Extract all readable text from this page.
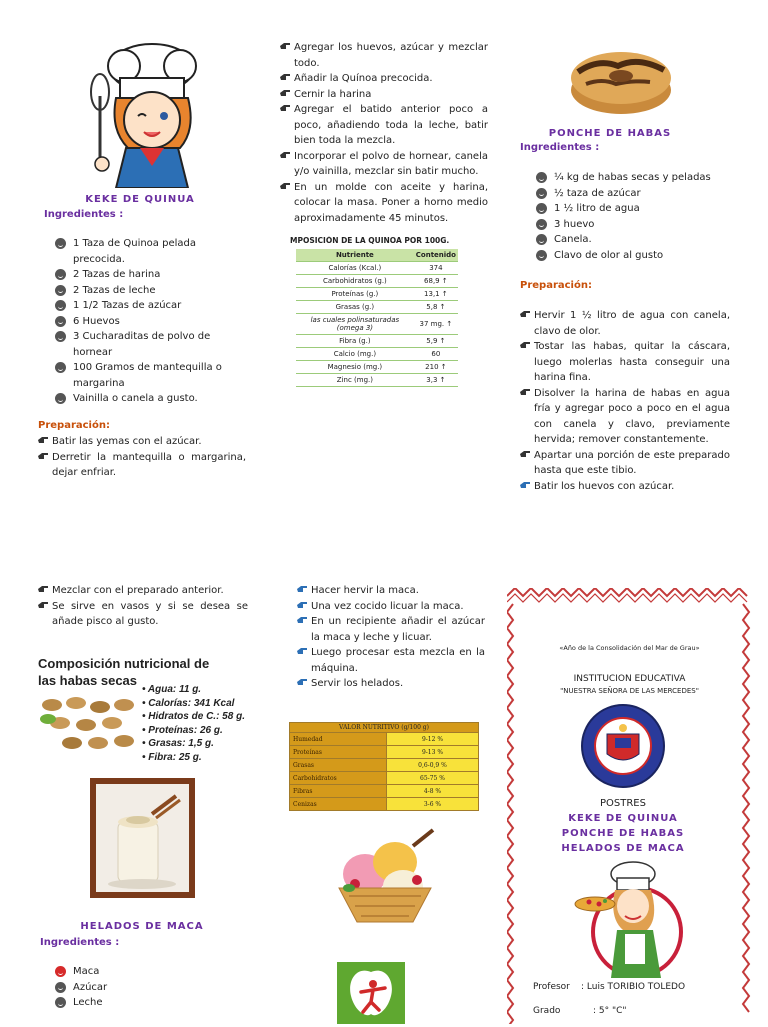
KEKE DE QUINUA
Ingredientes :
1 Taza de Quinoa pelada precocida.
2 Tazas de harina
2 Tazas de leche
1 1/2 Tazas de azúcar
6 Huevos
3 Cucharaditas de polvo de hornear
100 Gramos de mantequilla o margarina
Vainilla o canela a gusto.
Preparación:
Batir las yemas con el azúcar.
Derretir la mantequilla o margarina, dejar enfriar.
Agregar los huevos, azúcar y mezclar todo.
Añadir la Quínoa precocida.
Cernir la harina
Agregar el batido anterior poco a poco, añadiendo toda la leche, batir bien toda la mezcla.
Incorporar el polvo de hornear, canela y/o vainilla, mezclar sin batir mucho.
En un molde con aceite y harina, colocar la masa. Poner a horno medio aproximadamente 45 minutos.
MPOSICIÓN DE LA QUINOA POR 100G.
Nutriente	Contenido
Calorías (Kcal.)	374
Carbohidratos (g.)	68,9 ↑
Proteínas (g.)	13,1 ↑
Grasas (g.)	5,8 ↑
las cuales polinsaturadas (omega 3)	37 mg. ↑
Fibra (g.)	5,9 ↑
Calcio (mg.)	60
Magnesio (mg.)	210 ↑
Zinc (mg.)	3,3 ↑
PONCHE DE HABAS
Ingredientes :
¼ kg de habas secas y peladas
½ taza de azúcar
1 ½ litro de agua
3 huevo
Canela.
Clavo de olor al gusto
Preparación:
Hervir 1 ½ litro de agua con canela, clavo de olor.
Tostar las habas, quitar la cáscara, luego molerlas hasta conseguir una harina fina.
Disolver la harina de habas en agua fría y agregar poco a poco en el agua con canela y clavo, previamente hervida; remover constantemente.
Apartar una porción de este preparado hasta que este tibio.
Batir los huevos con azúcar.
Mezclar con el preparado anterior.
Se sirve en vasos y si se desea se añade pisco al gusto.
Composición nutricional de las habas secas
• Agua: 11 g.
• Calorías: 341 Kcal
• Hidratos de C.: 58 g.
• Proteínas: 26 g.
• Grasas: 1,5 g.
• Fibra: 25 g.
HELADOS DE MACA
Ingredientes :
Maca
Azúcar
Leche
Hacer hervir la maca.
Una vez cocido licuar la maca.
En un recipiente añadir el azúcar la maca y leche y licuar.
Luego procesar esta mezcla en la máquina.
Servir los helados.
VALOR NUTRITIVO (g/100 g)	
Humedad	9-12 %
Proteínas	9-13 %
Grasas	0,6-0,9 %
Carbohidratos	65-75 %
Fibras	4-8 %
Cenizas	3-6 %
«Año de la Consolidación del Mar de Grau»
INSTITUCION EDUCATIVA
"NUESTRA SEÑORA DE LAS MERCEDES"
POSTRES
KEKE DE QUINUA
PONCHE DE HABAS
HELADOS DE MACA
Profesor : Luis TORIBIO TOLEDO
Grado	: 5° "C"
